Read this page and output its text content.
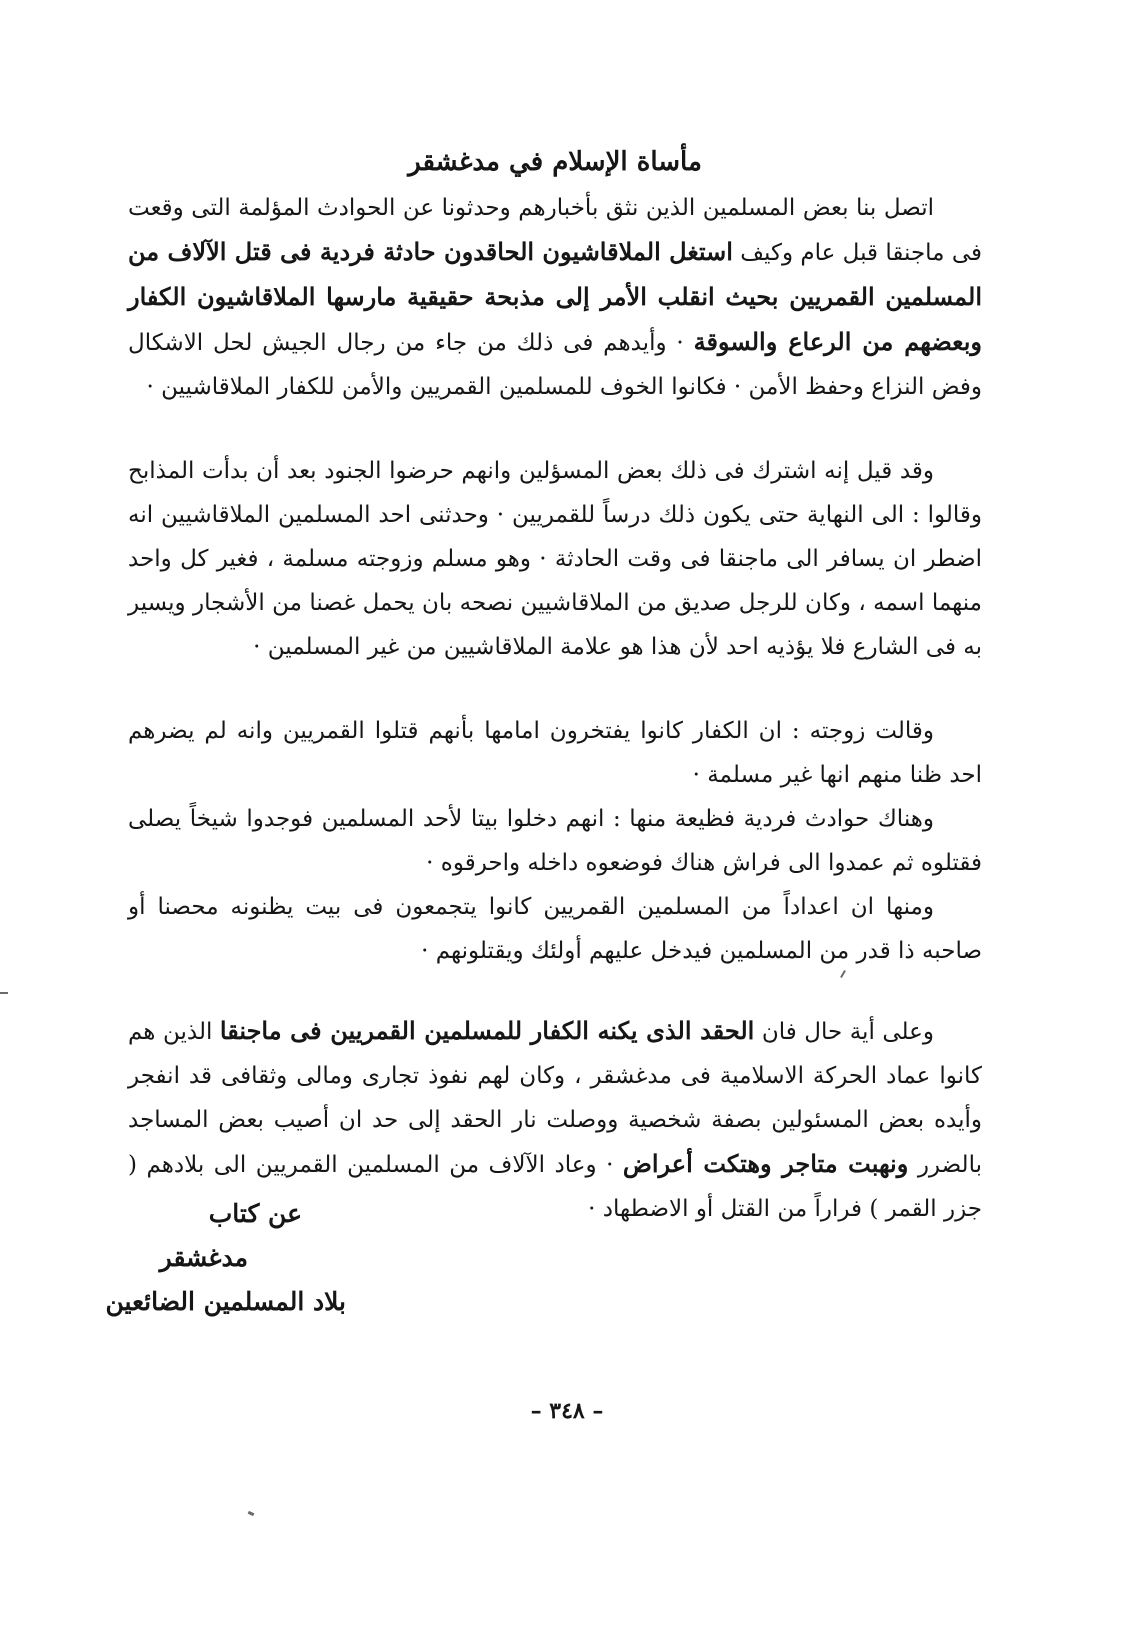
مأساة الإسلام في مدغشقر

اتصل بنا بعض المسلمين الذين نثق بأخبارهم وحدثونا عن الحوادث المؤلمة التى وقعت فى ماجنقا قبل عام وكيف استغل الملاقاشيون الحاقدون حادثة فردية فى قتل الآلاف من المسلمين القمريين بحيث انقلب الأمر إلى مذبحة حقيقية مارسها الملاقاشيون الكفار وبعضهم من الرعاع والسوقة · وأيدهم فى ذلك من جاء من رجال الجيش لحل الاشكال وفض النزاع وحفظ الأمن · فكانوا الخوف للمسلمين القمريين والأمن للكفار الملاقاشيين ·

وقد قيل إنه اشترك فى ذلك بعض المسؤلين وانهم حرضوا الجنود بعد أن بدأت المذابح وقالوا : الى النهاية حتى يكون ذلك درساً للقمريين · وحدثنى احد المسلمين الملاقاشيين انه اضطر ان يسافر الى ماجنقا فى وقت الحادثة · وهو مسلم وزوجته مسلمة ، فغير كل واحد منهما اسمه ، وكان للرجل صديق من الملاقاشيين نصحه بان يحمل غصنا من الأشجار ويسير به فى الشارع فلا يؤذيه احد لأن هذا هو علامة الملاقاشيين من غير المسلمين ·

وقالت زوجته : ان الكفار كانوا يفتخرون امامها بأنهم قتلوا القمريين وانه لم يضرهم احد ظنا منهم انها غير مسلمة ·

وهناك حوادث فردية فظيعة منها : انهم دخلوا بيتا لأحد المسلمين فوجدوا شيخاً يصلى فقتلوه ثم عمدوا الى فراش هناك فوضعوه داخله واحرقوه ·

ومنها ان اعداداً من المسلمين القمريين كانوا يتجمعون فى بيت يظنونه محصنا أو صاحبه ذا قدر من المسلمين فيدخل عليهم أولئك ويقتلونهم ·

وعلى أية حال فان الحقد الذى يكنه الكفار للمسلمين القمريين فى ماجنقا الذين هم كانوا عماد الحركة الاسلامية فى مدغشقر ، وكان لهم نفوذ تجارى ومالى وثقافى قد انفجر وأيده بعض المسئولين بصفة شخصية ووصلت نار الحقد إلى حد ان أصيب بعض المساجد بالضرر ونهبت متاجر وهتكت أعراض · وعاد الآلاف من المسلمين القمريين الى بلادهم ( جزر القمر ) فراراً من القتل أو الاضطهاد ·

عن كتاب
مدغشقر
بلاد المسلمين الضائعين
– ٣٤٨ –
